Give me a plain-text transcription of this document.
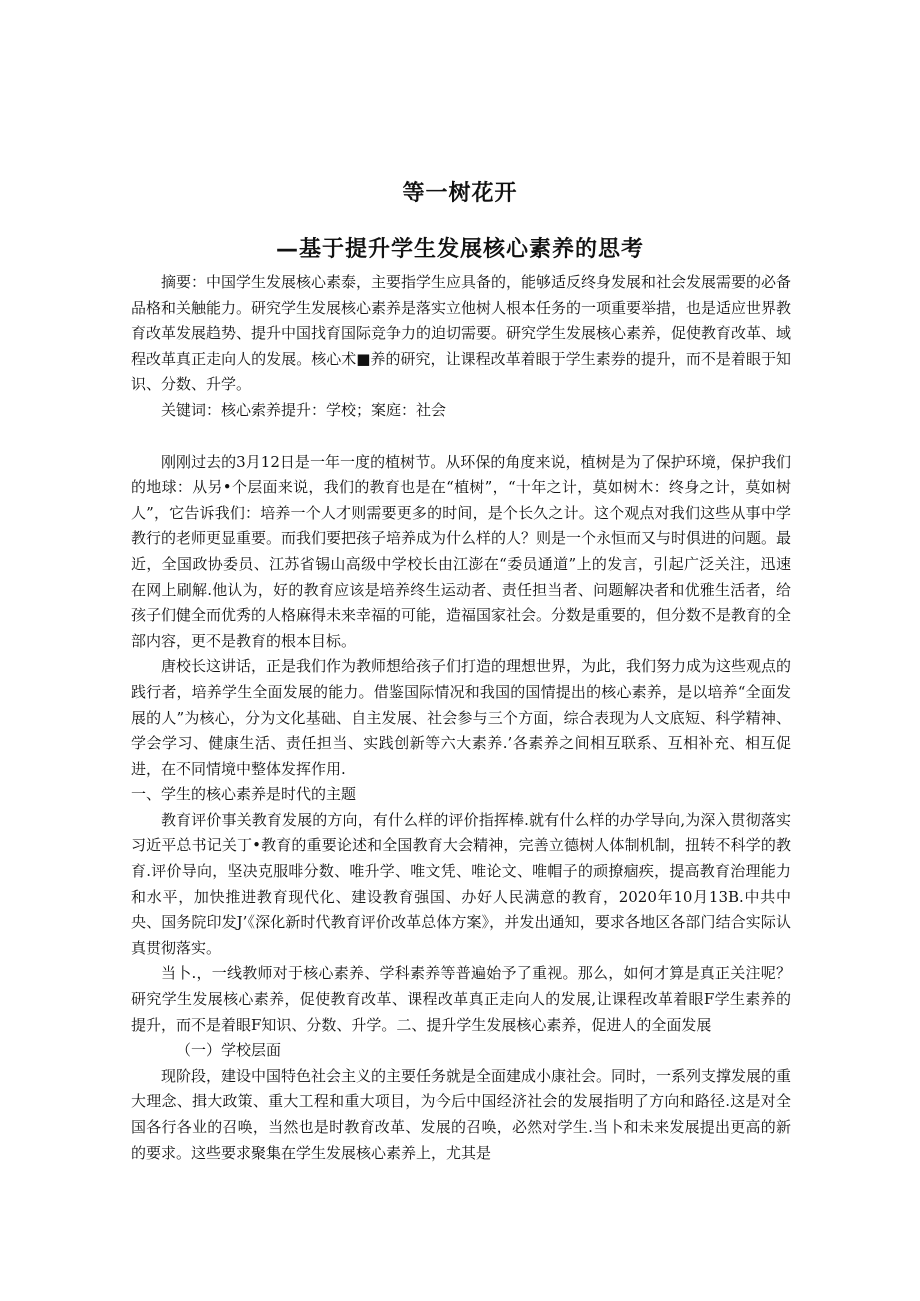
等一树花开
—基于提升学生发展核心素养的思考

摘要：中国学生发展核心素泰，主要指学生应具备的，能够适反终身发展和社会发展需要的必备品格和关触能力。研究学生发展核心素养是落实立他树人根本任务的一项重要举措，也是适应世界教育改革发展趋势、提升中国找育国际竞争力的迫切需要。研究学生发展核心素养，促使教育改革、域程改革真正走向人的发展。核心术■养的研究，让课程改革着眼于学生素券的提升，而不是着眼于知识、分数、升学。

关键词：核心索养提升：学校；案庭：社会

刚刚过去的3月12日是一年一度的植树节。从环保的角度来说，植树是为了保护环境，保护我们的地球：从另•个层面来说，我们的教育也是在“植树”，“十年之计，莫如树木：终身之计，莫如树人”，它告诉我们：培养一个人才则需要更多的时间，是个长久之计。这个观点对我们这些从事中学教行的老师更显重要。而我们要把孩子培养成为什么样的人？则是一个永恒而又与时俱进的问题。最近，全国政协委员、江苏省锡山高级中学校长由江澎在“委员通道”上的发言，引起广泛关注，迅速在网上刷解.他认为，好的教育应该是培养终生运动者、责任担当者、问题解决者和优雅生活者，给孩子们健全而优秀的人格麻得未来幸福的可能，造福国家社会。分数是重要的，但分数不是教育的全部内容，更不是教育的根本目标。

唐校长这讲话，正是我们作为教师想给孩子们打造的理想世界，为此，我们努力成为这些观点的践行者，培养学生全面发展的能力。借鉴国际情况和我国的国情提出的核心素养，是以培养“全面发展的人”为核心，分为文化基础、自主发展、社会参与三个方面，综合表现为人文底短、科学精神、学会学习、健康生活、责任担当、实践创新等六大素养.’各素养之间相互联系、互相补充、相互促进，在不同情境中整体发挥作用.

一、学生的核心素养是时代的主题

教育评价事关教育发展的方向，有什么样的评价指挥棒.就有什么样的办学导向,为深入贯彻落实习近平总书记关丁•教育的重要论述和全国教育大会精神，完善立德树人体制机制，扭转不科学的教育.评价导向，坚决克服啡分数、唯升学、唯文凭、唯论文、唯帽子的顽撩痼疾，提高教育治理能力和水平，加快推进教育现代化、建设教育强国、办好人民满意的教育，2020年10月13B.中共中央、国务院印发J’《深化新时代教育评价改革总体方案》，并发出通知，要求各地区各部门结合实际认真贯彻落实。

当卜.，一线教师对于核心素养、学科素养等普遍始予了重视。那么，如何才算是真正关注呢？研究学生发展核心素养，促使教育改革、课程改革真正走向人的发展,让课程改革着眼F学生素养的提升，而不是着眼F知识、分数、升学。二、提升学生发展核心素养，促进人的全面发展

（一）学校层面

现阶段，建设中国特色社会主义的主要任务就是全面建成小康社会。同时，一系列支撑发展的重大理念、揖大政策、重大工程和重大项目，为今后中国经济社会的发展指明了方向和路径.这是对全国各行各业的召唤，当然也是时教育改革、发展的召唤，必然对学生.当卜和未来发展提出更高的新的要求。这些要求聚集在学生发展核心素养上，尤其是
